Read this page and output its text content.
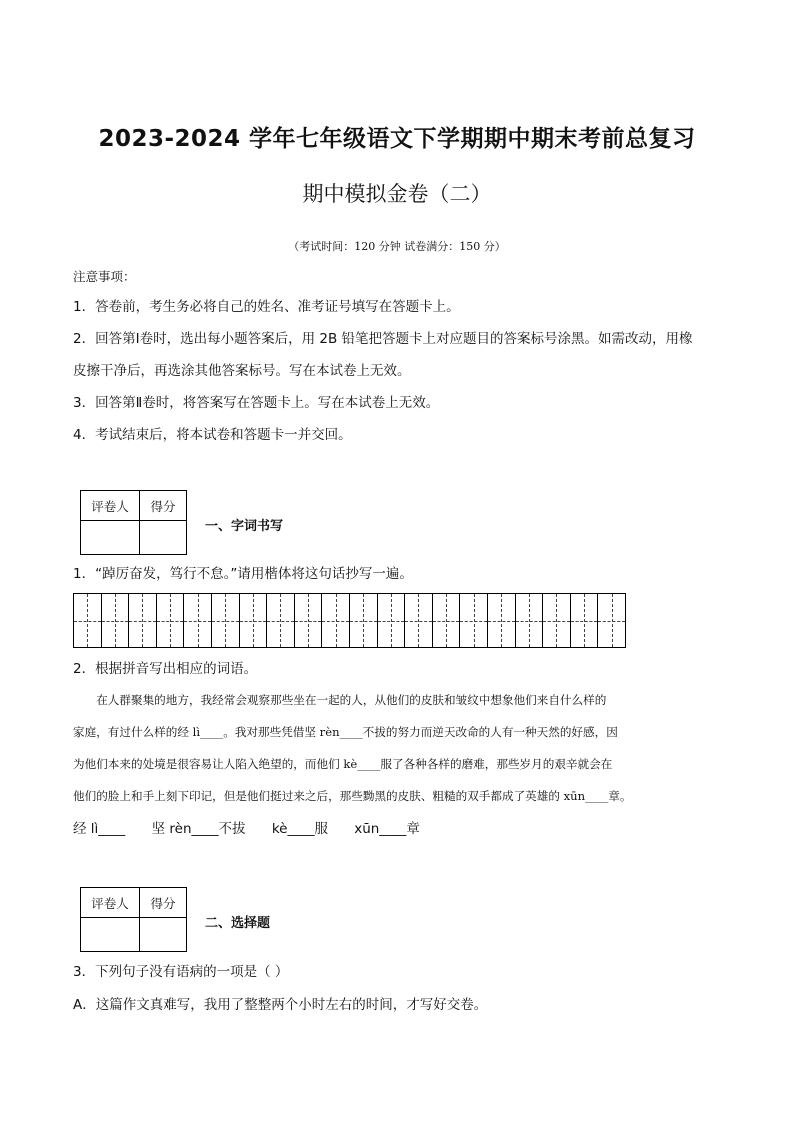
2023-2024 学年七年级语文下学期期中期末考前总复习
期中模拟金卷（二）
（考试时间：120 分钟 试卷满分：150 分）
注意事项：
1．答卷前，考生务必将自己的姓名、准考证号填写在答题卡上。
2．回答第Ⅰ卷时，选出每小题答案后，用 2B 铅笔把答题卡上对应题目的答案标号涂黑。如需改动，用橡
皮擦干净后，再选涂其他答案标号。写在本试卷上无效。
3．回答第Ⅱ卷时，将答案写在答题卡上。写在本试卷上无效。
4．考试结束后，将本试卷和答题卡一并交回。
评卷人	得分

一、字词书写
1．“踔厉奋发，笃行不怠。”请用楷体将这句话抄写一遍。
2．根据拼音写出相应的词语。
在人群聚集的地方，我经常会观察那些坐在一起的人，从他们的皮肤和皱纹中想象他们来自什么样的
家庭，有过什么样的经 lì____。我对那些凭借坚 rèn____不拔的努力而逆天改命的人有一种天然的好感，因
为他们本来的处境是很容易让人陷入绝望的，而他们 kè____服了各种各样的磨难，那些岁月的艰辛就会在
他们的脸上和手上刻下印记，但是他们挺过来之后，那些黝黑的皮肤、粗糙的双手都成了英雄的 xūn____章。
经 lì____ 坚 rèn____不拔 kè____服 xūn____章
评卷人	得分

二、选择题
3．下列句子没有语病的一项是（ ）
A．这篇作文真难写，我用了整整两个小时左右的时间，才写好交卷。
